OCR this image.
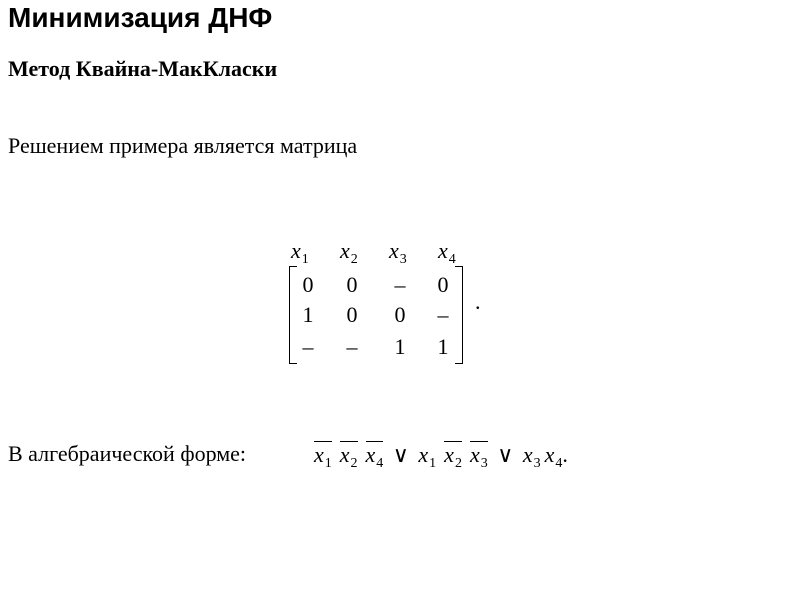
Минимизация ДНФ
Метод Квайна-МакКласки
Решением примера является матрица
$x_1$ $x_2$ $x_3$ $x_4$
0	0	–	0
1	0	0	–
–	–	1	1
.
В алгебраической форме:	$x_1$ $x_2$ $x_4$ ∨ $x_1$ $x_2$ $x_3$ ∨ $x_3$ $x_4$.
